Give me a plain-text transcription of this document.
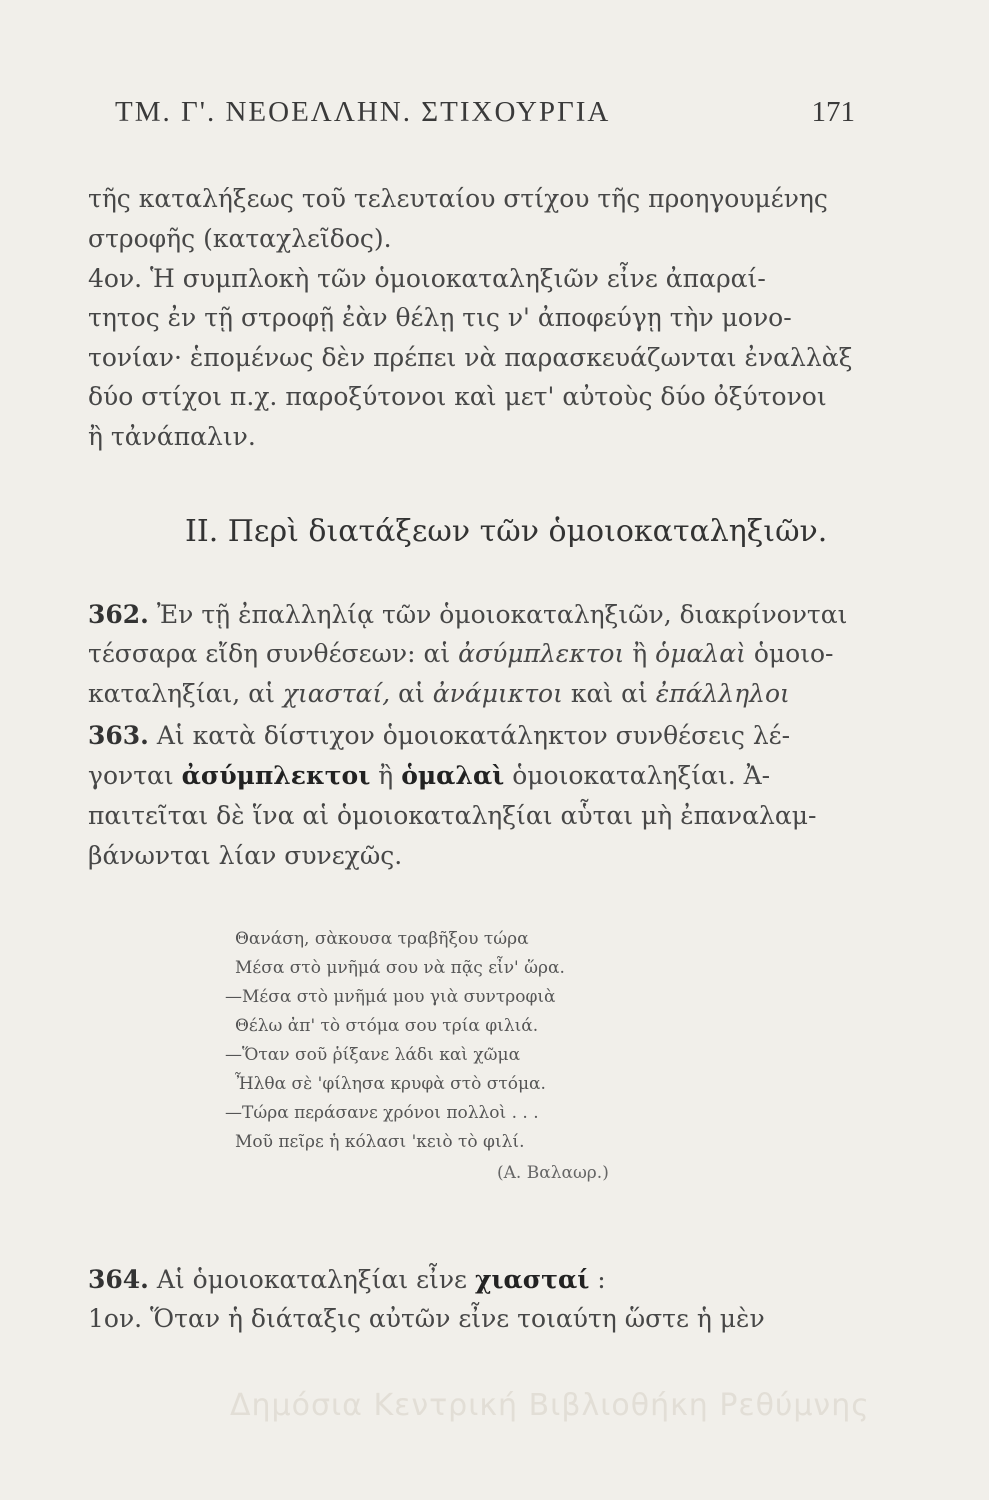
ΤΜ. Γ'. ΝΕΟΕΛΛΗΝ. ΣΤΙΧΟΥΡΓΙΑ	171
τῆς καταλήξεως τοῦ τελευταίου στίχου τῆς προηγουμένης
στροφῆς (καταχλεῖδος).
4ον. Ἡ συμπλοκὴ τῶν ὁμοιοκαταληξιῶν εἶνε ἀπαραί-
τητος ἐν τῇ στροφῇ ἐὰν θέλῃ τις ν' ἀποφεύγῃ τὴν μονο-
τονίαν· ἑπομένως δὲν πρέπει νὰ παρασκευάζωνται ἐναλλὰξ
δύο στίχοι π.χ. παροξύτονοι καὶ μετ' αὐτοὺς δύο ὀξύτονοι
ἢ τἀνάπαλιν.
ΙΙ. Περὶ διατάξεων τῶν ὁμοιοκαταληξιῶν.
362. Ἐν τῇ ἐπαλληλίᾳ τῶν ὁμοιοκαταληξιῶν, διακρίνονται
τέσσαρα εἴδη συνθέσεων: αἱ ἀσύμπλεκτοι ἢ ὁμαλαὶ ὁμοιο-
καταληξίαι, αἱ χιασταί, αἱ ἀνάμικτοι καὶ αἱ ἐπάλληλοι
363. Αἱ κατὰ δίστιχον ὁμοιοκατάληκτον συνθέσεις λέ-
γονται ἀσύμπλεκτοι ἢ ὁμαλαὶ ὁμοιοκαταληξίαι. Ἀ-
παιτεῖται δὲ ἵνα αἱ ὁμοιοκαταληξίαι αὗται μὴ ἐπαναλαμ-
βάνωνται λίαν συνεχῶς.
Θανάση, σὰκουσα τραβῆξου τώρα
Μέσα στὸ μνῆμά σου νὰ πᾷς εἶν' ὥρα.
—Μέσα στὸ μνῆμά μου γιὰ συντροφιὰ
Θέλω ἀπ' τὸ στόμα σου τρία φιλιά.
—Ὅταν σοῦ ῥίξανε λάδι καὶ χῶμα
Ἦλθα σὲ 'φίλησα κρυφὰ στὸ στόμα.
—Τώρα περάσανε χρόνοι πολλοὶ . . .
Μοῦ πεῖρε ἡ κόλασι 'κειὸ τὸ φιλί.
(Α. Βαλαωρ.)
364. Αἱ ὁμοιοκαταληξίαι εἶνε χιασταί :
1ον. Ὅταν ἡ διάταξις αὐτῶν εἶνε τοιαύτη ὥστε ἡ μὲν
Δημόσια Κεντρική Βιβλιοθήκη Ρεθύμνης
